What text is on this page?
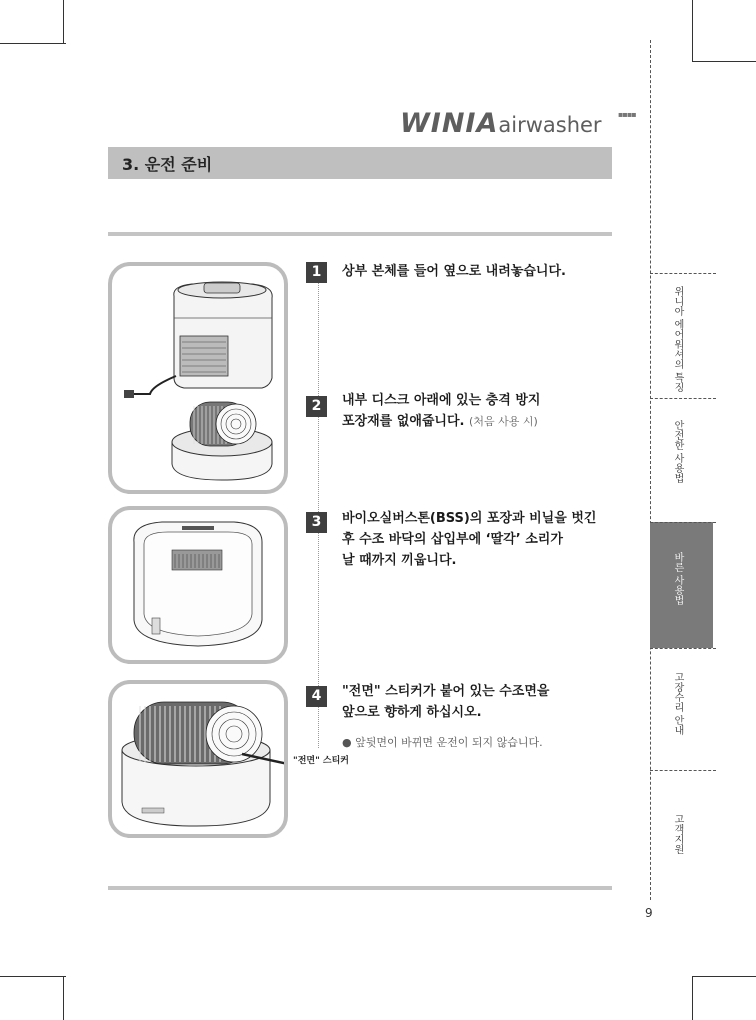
WINIAairwasher ▪▪▪▪
3. 운전 준비
"전면" 스티커
1	상부 본체를 들어 옆으로 내려놓습니다.
2	내부 디스크 아래에 있는 충격 방지
포장재를 없애줍니다. (처음 사용 시)
3	바이오실버스톤(BSS)의 포장과 비닐을 벗긴
후 수조 바닥의 삽입부에 ‘딸각’ 소리가
날 때까지 끼웁니다.
4	"전면" 스티커가 붙어 있는 수조면을
앞으로 향하게 하십시오.
● 앞뒷면이 바뀌면 운전이 되지 않습니다.
위니아 에어워셔의 특징
안전한 사용법
바른 사용법
고장수리 안내
고객지원
9
